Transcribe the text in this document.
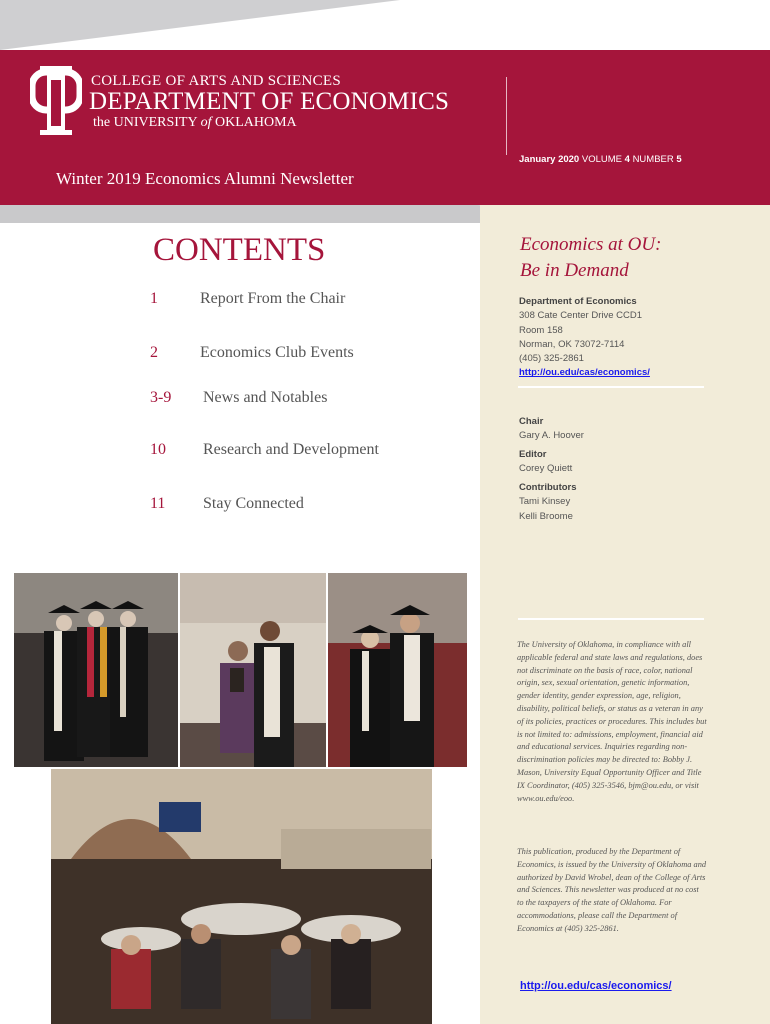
COLLEGE OF ARTS AND SCIENCES
DEPARTMENT OF ECONOMICS
the UNIVERSITY of OKLAHOMA
January 2020 VOLUME 4 NUMBER 5
Winter 2019 Economics Alumni Newsletter
CONTENTS
1	Report From the Chair
2	Economics Club Events
3-9 News and Notables
10 Research and Development
11 Stay Connected
Economics at OU:
Be in Demand
Department of Economics
308 Cate Center Drive CCD1
Room 158
Norman, OK 73072-7114
(405) 325-2861
http://ou.edu/cas/economics/
Chair
Gary A. Hoover
Editor
Corey Quiett
Contributors
Tami Kinsey
Kelli Broome
The University of Oklahoma, in compliance with all applicable federal and state laws and regulations, does not discriminate on the basis of race, color, national origin, sex, sexual orientation, genetic information, gender identity, gender expression, age, religion, disability, political beliefs, or status as a veteran in any of its policies, practices or procedures. This includes but is not limited to: admissions, employment, financial aid and educational services. Inquiries regarding non-discrimination policies may be directed to: Bobby J. Mason, University Equal Opportunity Officer and Title IX Coordinator, (405) 325-3546, bjm@ou.edu, or visit www.ou.edu/eoo.
This publication, produced by the Department of Economics, is issued by the University of Oklahoma and authorized by David Wrobel, dean of the College of Arts and Sciences. This newsletter was produced at no cost to the taxpayers of the state of Oklahoma. For accommodations, please call the Department of Economics at (405) 325-2861.
http://ou.edu/cas/economics/
